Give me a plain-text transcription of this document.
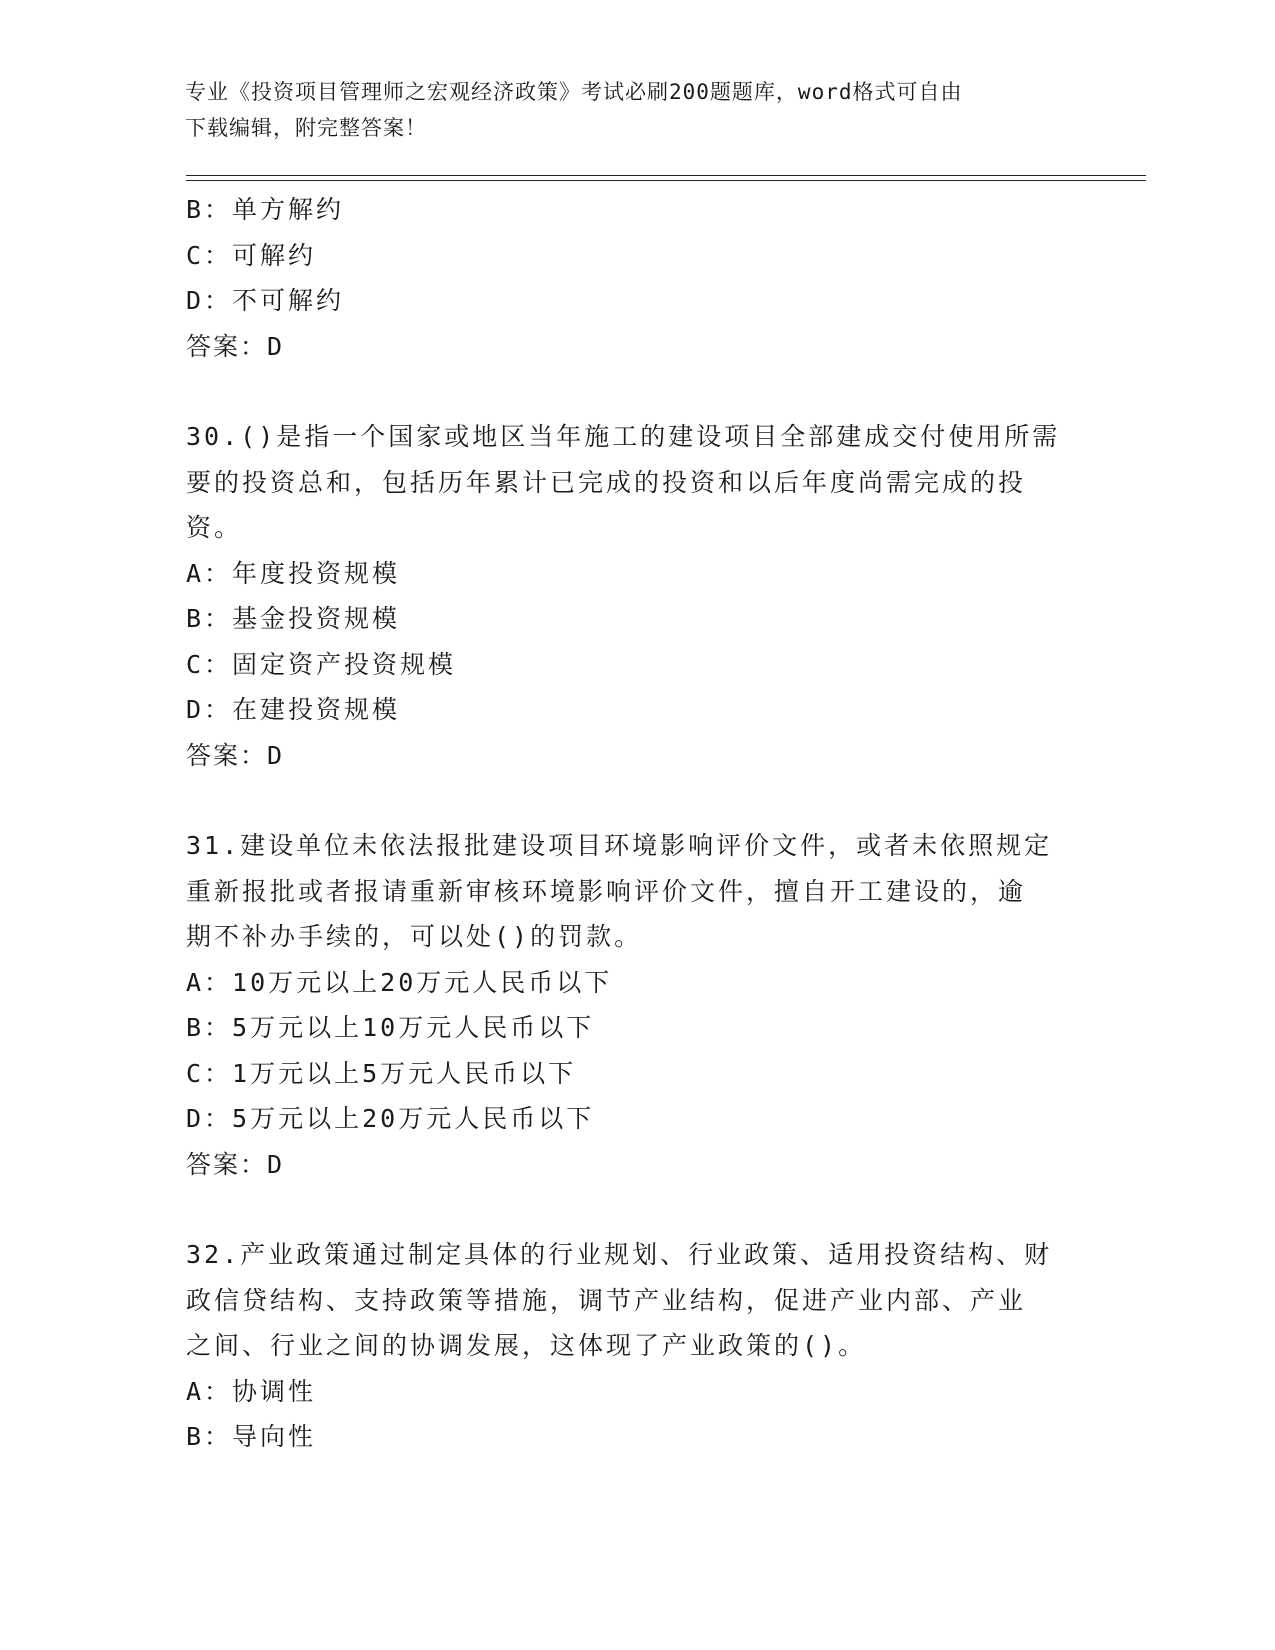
专业《投资项目管理师之宏观经济政策》考试必刷200题题库，word格式可自由
下载编辑，附完整答案！
B：单方解约
C：可解约
D：不可解约
答案：D
30.()是指一个国家或地区当年施工的建设项目全部建成交付使用所需
要的投资总和，包括历年累计已完成的投资和以后年度尚需完成的投
资。
A：年度投资规模
B：基金投资规模
C：固定资产投资规模
D：在建投资规模
答案：D
31.建设单位未依法报批建设项目环境影响评价文件，或者未依照规定
重新报批或者报请重新审核环境影响评价文件，擅自开工建设的，逾
期不补办手续的，可以处()的罚款。
A：10万元以上20万元人民币以下
B：5万元以上10万元人民币以下
C：1万元以上5万元人民币以下
D：5万元以上20万元人民币以下
答案：D
32.产业政策通过制定具体的行业规划、行业政策、适用投资结构、财
政信贷结构、支持政策等措施，调节产业结构，促进产业内部、产业
之间、行业之间的协调发展，这体现了产业政策的()。
A：协调性
B：导向性
